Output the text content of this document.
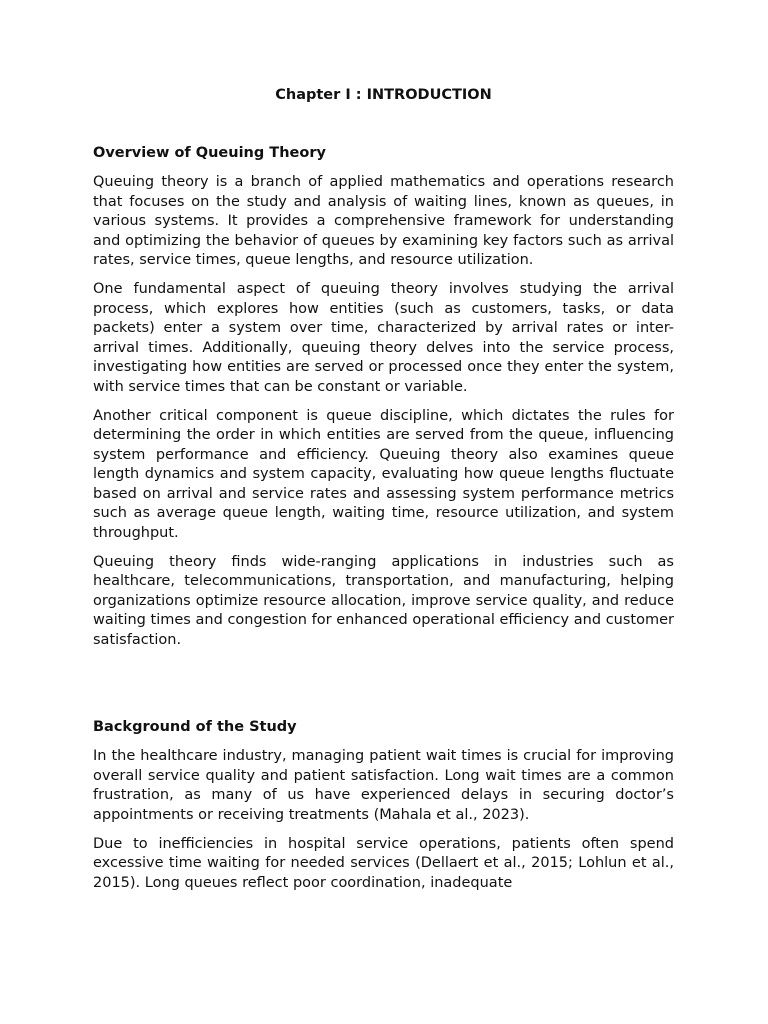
Chapter I : INTRODUCTION
Overview of Queuing Theory

Queuing theory is a branch of applied mathematics and operations research that focuses on the study and analysis of waiting lines, known as queues, in various systems. It provides a comprehensive framework for understanding and optimizing the behavior of queues by examining key factors such as arrival rates, service times, queue lengths, and resource utilization.

One fundamental aspect of queuing theory involves studying the arrival process, which explores how entities (such as customers, tasks, or data packets) enter a system over time, characterized by arrival rates or inter-arrival times. Additionally, queuing theory delves into the service process, investigating how entities are served or processed once they enter the system, with service times that can be constant or variable.

Another critical component is queue discipline, which dictates the rules for determining the order in which entities are served from the queue, influencing system performance and efficiency. Queuing theory also examines queue length dynamics and system capacity, evaluating how queue lengths fluctuate based on arrival and service rates and assessing system performance metrics such as average queue length, waiting time, resource utilization, and system throughput.

Queuing theory finds wide-ranging applications in industries such as healthcare, telecommunications, transportation, and manufacturing, helping organizations optimize resource allocation, improve service quality, and reduce waiting times and congestion for enhanced operational efficiency and customer satisfaction.

Background of the Study

In the healthcare industry, managing patient wait times is crucial for improving overall service quality and patient satisfaction. Long wait times are a common frustration, as many of us have experienced delays in securing doctor’s appointments or receiving treatments (Mahala et al., 2023).

Due to inefficiencies in hospital service operations, patients often spend excessive time waiting for needed services (Dellaert et al., 2015; Lohlun et al., 2015). Long queues reflect poor coordination, inadequate
